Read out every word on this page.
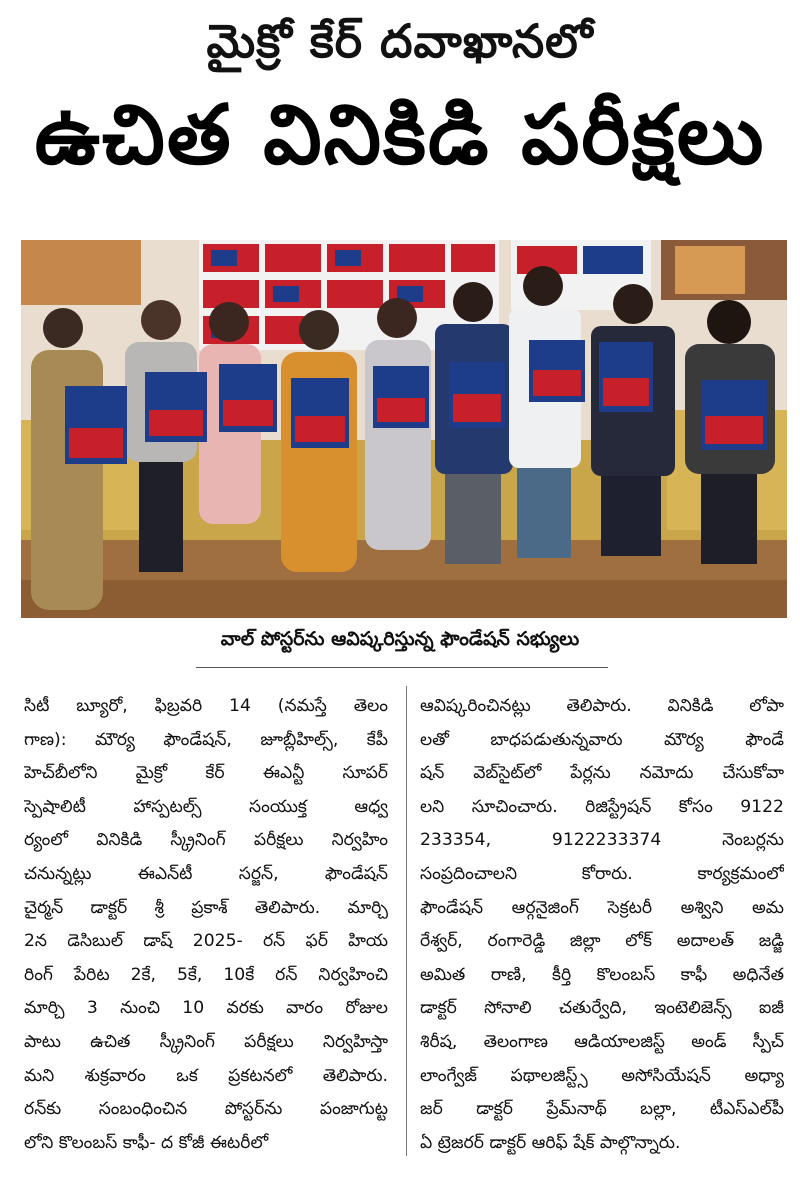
మైక్రో కేర్ దవాఖానలో
ఉచిత వినికిడి పరీక్షలు
వాల్ పోస్టర్‌ను ఆవిష్కరిస్తున్న ఫౌండేషన్ సభ్యులు
సిటీ బ్యూరో, ఫిబ్రవరి 14 (నమస్తే తెలం
గాణ): మౌర్య ఫౌండేషన్, జూబ్లీహిల్స్, కేపీ
హెచ్‌బీలోని మైక్రో కేర్ ఈఎన్టీ సూపర్
స్పెషాలిటీ హాస్పటల్స్ సంయుక్త ఆధ్వ
ర్యంలో వినికిడి స్క్రీనింగ్ పరీక్షలు నిర్వహిం
చనున్నట్లు ఈఎన్‌టీ సర్జన్, ఫౌండేషన్
చైర్మన్ డాక్టర్ శ్రీ ప్రకాశ్ తెలిపారు. మార్చి
2న డెసిబుల్ డాష్ 2025- రన్ ఫర్ హియ
రింగ్ పేరిట 2కే, 5కే, 10కే రన్ నిర్వహించి
మార్చి 3 నుంచి 10 వరకు వారం రోజుల
పాటు ఉచిత స్క్రీనింగ్ పరీక్షలు నిర్వహిస్తా
మని శుక్రవారం ఒక ప్రకటనలో తెలిపారు.
రన్‌కు సంబంధించిన పోస్టర్‌ను పంజాగుట్ట
లోని కొలంబస్ కాఫీ- ద కోజీ ఈటరీలో
ఆవిష్కరించినట్లు తెలిపారు. వినికిడి లోపా
లతో బాధపడుతున్నవారు మౌర్య ఫౌండే
షన్ వెబ్‌సైట్‌లో పేర్లను నమోదు చేసుకోవా
లని సూచించారు. రిజిస్ట్రేషన్ కోసం 9122
233354, 9122233374 నెంబర్లను
సంప్రదించాలని కోరారు. కార్యక్రమంలో
ఫౌండేషన్ ఆర్గనైజింగ్ సెక్రటరీ అశ్విని అమ
రేశ్వర్, రంగారెడ్డి జిల్లా లోక్ అదాలత్ జడ్జి
అమిత రాణి, కీర్తి కొలంబస్ కాఫీ అధినేత
డాక్టర్ సోనాలి చతుర్వేది, ఇంటెలిజెన్స్ ఐజీ
శిరీష, తెలంగాణ ఆడియాలజిస్ట్ అండ్ స్పీచ్
లాంగ్వేజ్ పథాలజిస్ట్స్ అసోసియేషన్ అధ్యా
జర్ డాక్టర్ ప్రేమ్‌నాథ్ బల్లా, టీఎస్ఎల్‌పీ
ఏ ట్రెజరర్ డాక్టర్ ఆరిఫ్ షేక్ పాల్గొన్నారు.
